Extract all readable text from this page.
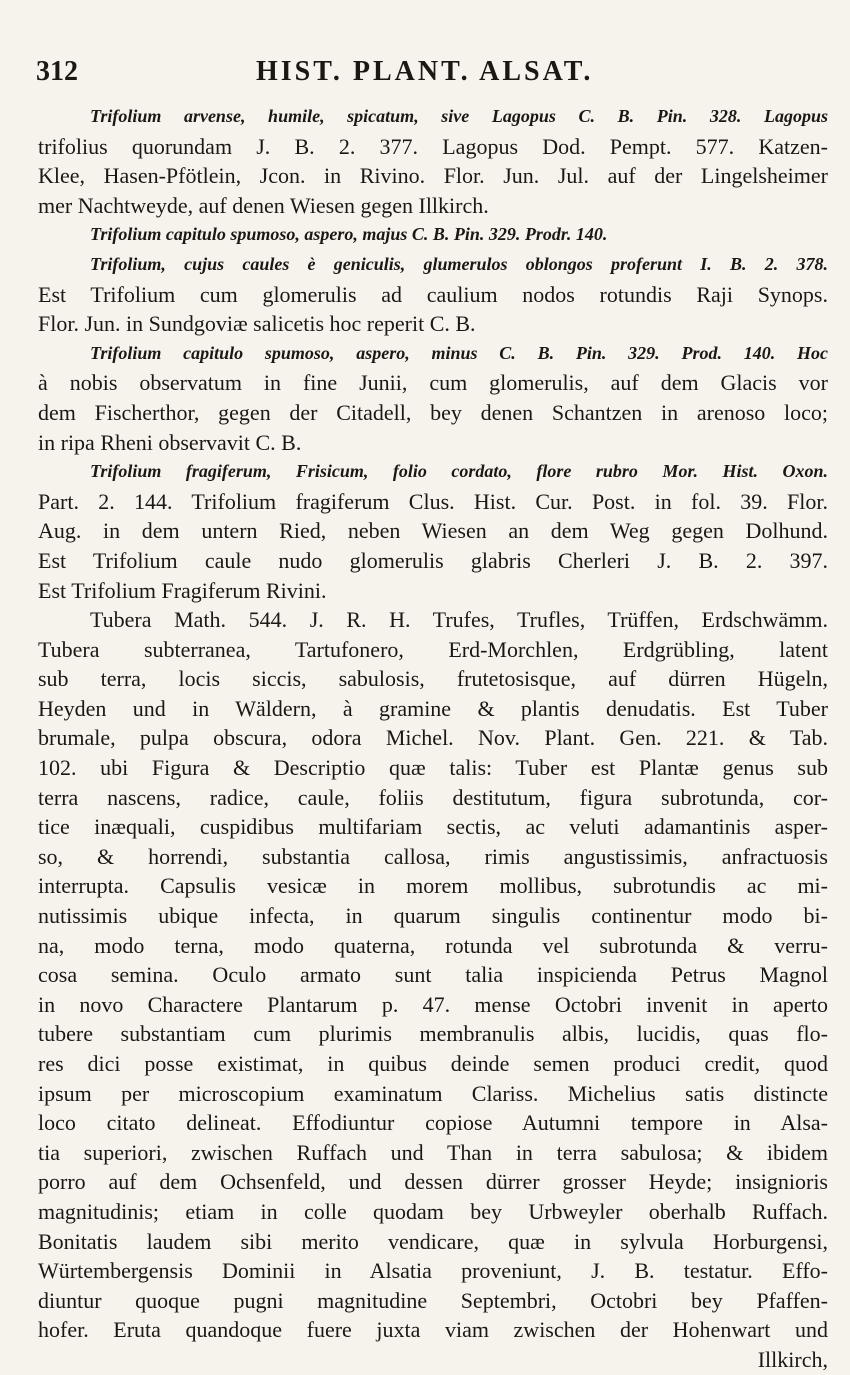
312	HIST. PLANT. ALSAT.
Trifolium arvense, humile, spicatum, sive Lagopus C. B. Pin. 328. Lagopus
trifolius quorundam J. B. 2. 377. Lagopus Dod. Pempt. 577. Katzen-
Klee, Hasen-Pfötlein, Jcon. in Rivino. Flor. Jun. Jul. auf der Lingelsheimer
mer Nachtweyde, auf denen Wiesen gegen Illkirch.
Trifolium capitulo spumoso, aspero, majus C. B. Pin. 329. Prodr. 140.
Trifolium, cujus caules è geniculis, glumerulos oblongos proferunt I. B. 2. 378.
Est Trifolium cum glomerulis ad caulium nodos rotundis Raji Synops.
Flor. Jun. in Sundgoviæ salicetis hoc reperit C. B.
Trifolium capitulo spumoso, aspero, minus C. B. Pin. 329. Prod. 140. Hoc
à nobis observatum in fine Junii, cum glomerulis, auf dem Glacis vor
dem Fischerthor, gegen der Citadell, bey denen Schantzen in arenoso loco;
in ripa Rheni observavit C. B.
Trifolium fragiferum, Frisicum, folio cordato, flore rubro Mor. Hist. Oxon.
Part. 2. 144. Trifolium fragiferum Clus. Hist. Cur. Post. in fol. 39. Flor.
Aug. in dem untern Ried, neben Wiesen an dem Weg gegen Dolhund.
Est Trifolium caule nudo glomerulis glabris Cherleri J. B. 2. 397.
Est Trifolium Fragiferum Rivini.
Tubera Math. 544. J. R. H. Trufes, Trufles, Trüffen, Erdschwämm.
Tubera subterranea, Tartufonero, Erd-Morchlen, Erdgrübling, latent
sub terra, locis siccis, sabulosis, frutetosisque, auf dürren Hügeln,
Heyden und in Wäldern, à gramine & plantis denudatis. Est Tuber
brumale, pulpa obscura, odora Michel. Nov. Plant. Gen. 221. & Tab.
102. ubi Figura & Descriptio quæ talis: Tuber est Plantæ genus sub
terra nascens, radice, caule, foliis destitutum, figura subrotunda, cor-
tice inæquali, cuspidibus multifariam sectis, ac veluti adamantinis asper-
so, & horrendi, substantia callosa, rimis angustissimis, anfractuosis
interrupta. Capsulis vesicæ in morem mollibus, subrotundis ac mi-
nutissimis ubique infecta, in quarum singulis continentur modo bi-
na, modo terna, modo quaterna, rotunda vel subrotunda & verru-
cosa semina. Oculo armato sunt talia inspicienda Petrus Magnol
in novo Charactere Plantarum p. 47. mense Octobri invenit in aperto
tubere substantiam cum plurimis membranulis albis, lucidis, quas flo-
res dici posse existimat, in quibus deinde semen produci credit, quod
ipsum per microscopium examinatum Clariss. Michelius satis distincte
loco citato delineat. Effodiuntur copiose Autumni tempore in Alsa-
tia superiori, zwischen Ruffach und Than in terra sabulosa; & ibidem
porro auf dem Ochsenfeld, und dessen dürrer grosser Heyde; insignioris
magnitudinis; etiam in colle quodam bey Urbweyler oberhalb Ruffach.
Bonitatis laudem sibi merito vendicare, quæ in sylvula Horburgensi,
Würtembergensis Dominii in Alsatia proveniunt, J. B. testatur. Effo-
diuntur quoque pugni magnitudine Septembri, Octobri bey Pfaffen-
hofer. Eruta quandoque fuere juxta viam zwischen der Hohenwart und
Illkirch,
